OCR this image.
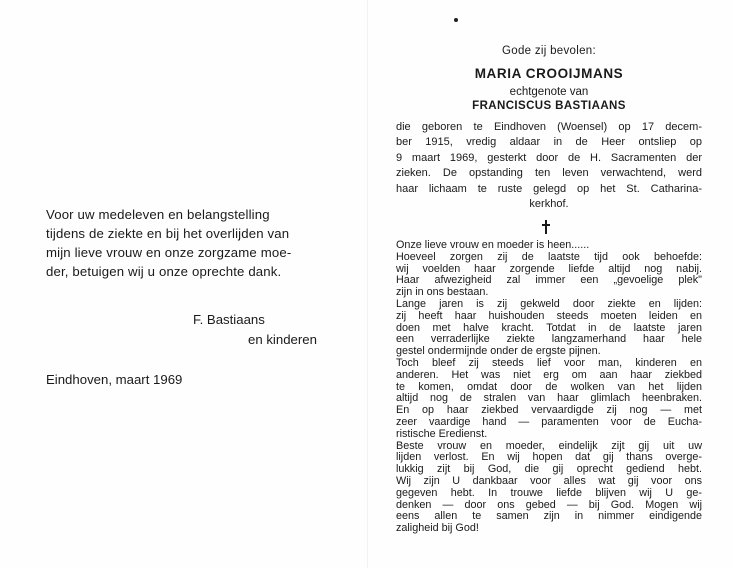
Voor uw medeleven en belangstelling
tijdens de ziekte en bij het overlijden van
mijn lieve vrouw en onze zorgzame moe-
der, betuigen wij u onze oprechte dank.
F. Bastiaans
en kinderen
Eindhoven, maart 1969
Gode zij bevolen:
MARIA CROOIJMANS
echtgenote van
FRANCISCUS BASTIAANS
die geboren te Eindhoven (Woensel) op 17 decem-
ber 1915, vredig aldaar in de Heer ontsliep op
9 maart 1969, gesterkt door de H. Sacramenten der
zieken. De opstanding ten leven verwachtend, werd
haar lichaam te ruste gelegd op het St. Catharina-
kerkhof.
Onze lieve vrouw en moeder is heen......
Hoeveel zorgen zij de laatste tijd ook behoefde:
wij voelden haar zorgende liefde altijd nog nabij.
Haar afwezigheid zal immer een „gevoelige plek"
zijn in ons bestaan.
Lange jaren is zij gekweld door ziekte en lijden:
zij heeft haar huishouden steeds moeten leiden en
doen met halve kracht. Totdat in de laatste jaren
een verraderlijke ziekte langzamerhand haar hele
gestel ondermijnde onder de ergste pijnen.
Toch bleef zij steeds lief voor man, kinderen en
anderen. Het was niet erg om aan haar ziekbed
te komen, omdat door de wolken van het lijden
altijd nog de stralen van haar glimlach heenbraken.
En op haar ziekbed vervaardigde zij nog — met
zeer vaardige hand — paramenten voor de Eucha-
ristische Eredienst.
Beste vrouw en moeder, eindelijk zijt gij uit uw
lijden verlost. En wij hopen dat gij thans overge-
lukkig zijt bij God, die gij oprecht gediend hebt.
Wij zijn U dankbaar voor alles wat gij voor ons
gegeven hebt. In trouwe liefde blijven wij U ge-
denken — door ons gebed — bij God. Mogen wij
eens allen te samen zijn in nimmer eindigende
zaligheid bij God!
